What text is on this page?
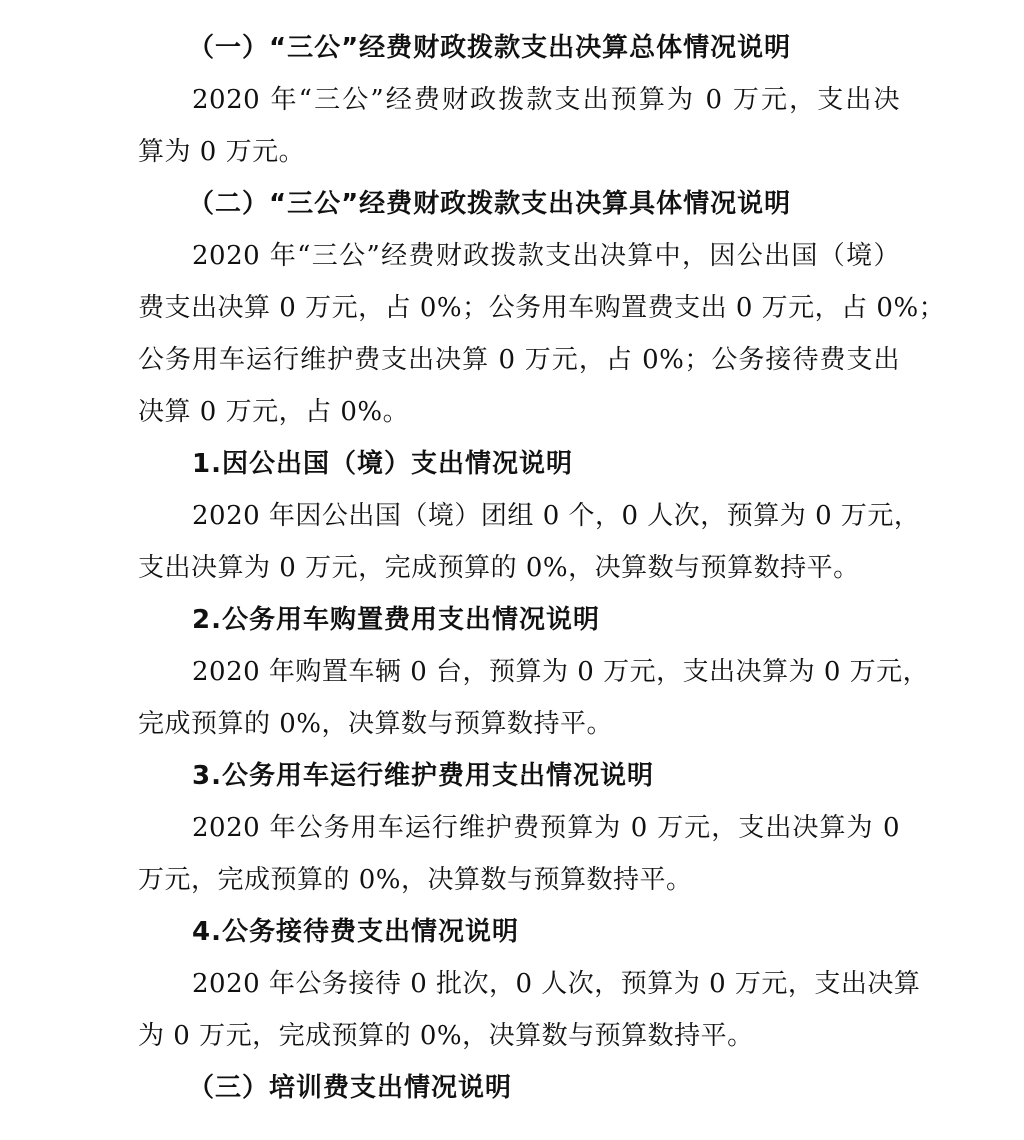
（一）“三公”经费财政拨款支出决算总体情况说明
2020 年“三公”经费财政拨款支出预算为 0 万元，支出决
算为 0 万元。
（二）“三公”经费财政拨款支出决算具体情况说明
2020 年“三公”经费财政拨款支出决算中，因公出国（境）
费支出决算 0 万元，占 0%；公务用车购置费支出 0 万元，占 0%；
公务用车运行维护费支出决算 0 万元，占 0%；公务接待费支出
决算 0 万元，占 0%。
1.因公出国（境）支出情况说明
2020 年因公出国（境）团组 0 个，0 人次，预算为 0 万元，
支出决算为 0 万元，完成预算的 0%，决算数与预算数持平。
2.公务用车购置费用支出情况说明
2020 年购置车辆 0 台，预算为 0 万元，支出决算为 0 万元，
完成预算的 0%，决算数与预算数持平。
3.公务用车运行维护费用支出情况说明
2020 年公务用车运行维护费预算为 0 万元，支出决算为 0
万元，完成预算的 0%，决算数与预算数持平。
4.公务接待费支出情况说明
2020 年公务接待 0 批次，0 人次，预算为 0 万元，支出决算
为 0 万元，完成预算的 0%，决算数与预算数持平。
（三）培训费支出情况说明
